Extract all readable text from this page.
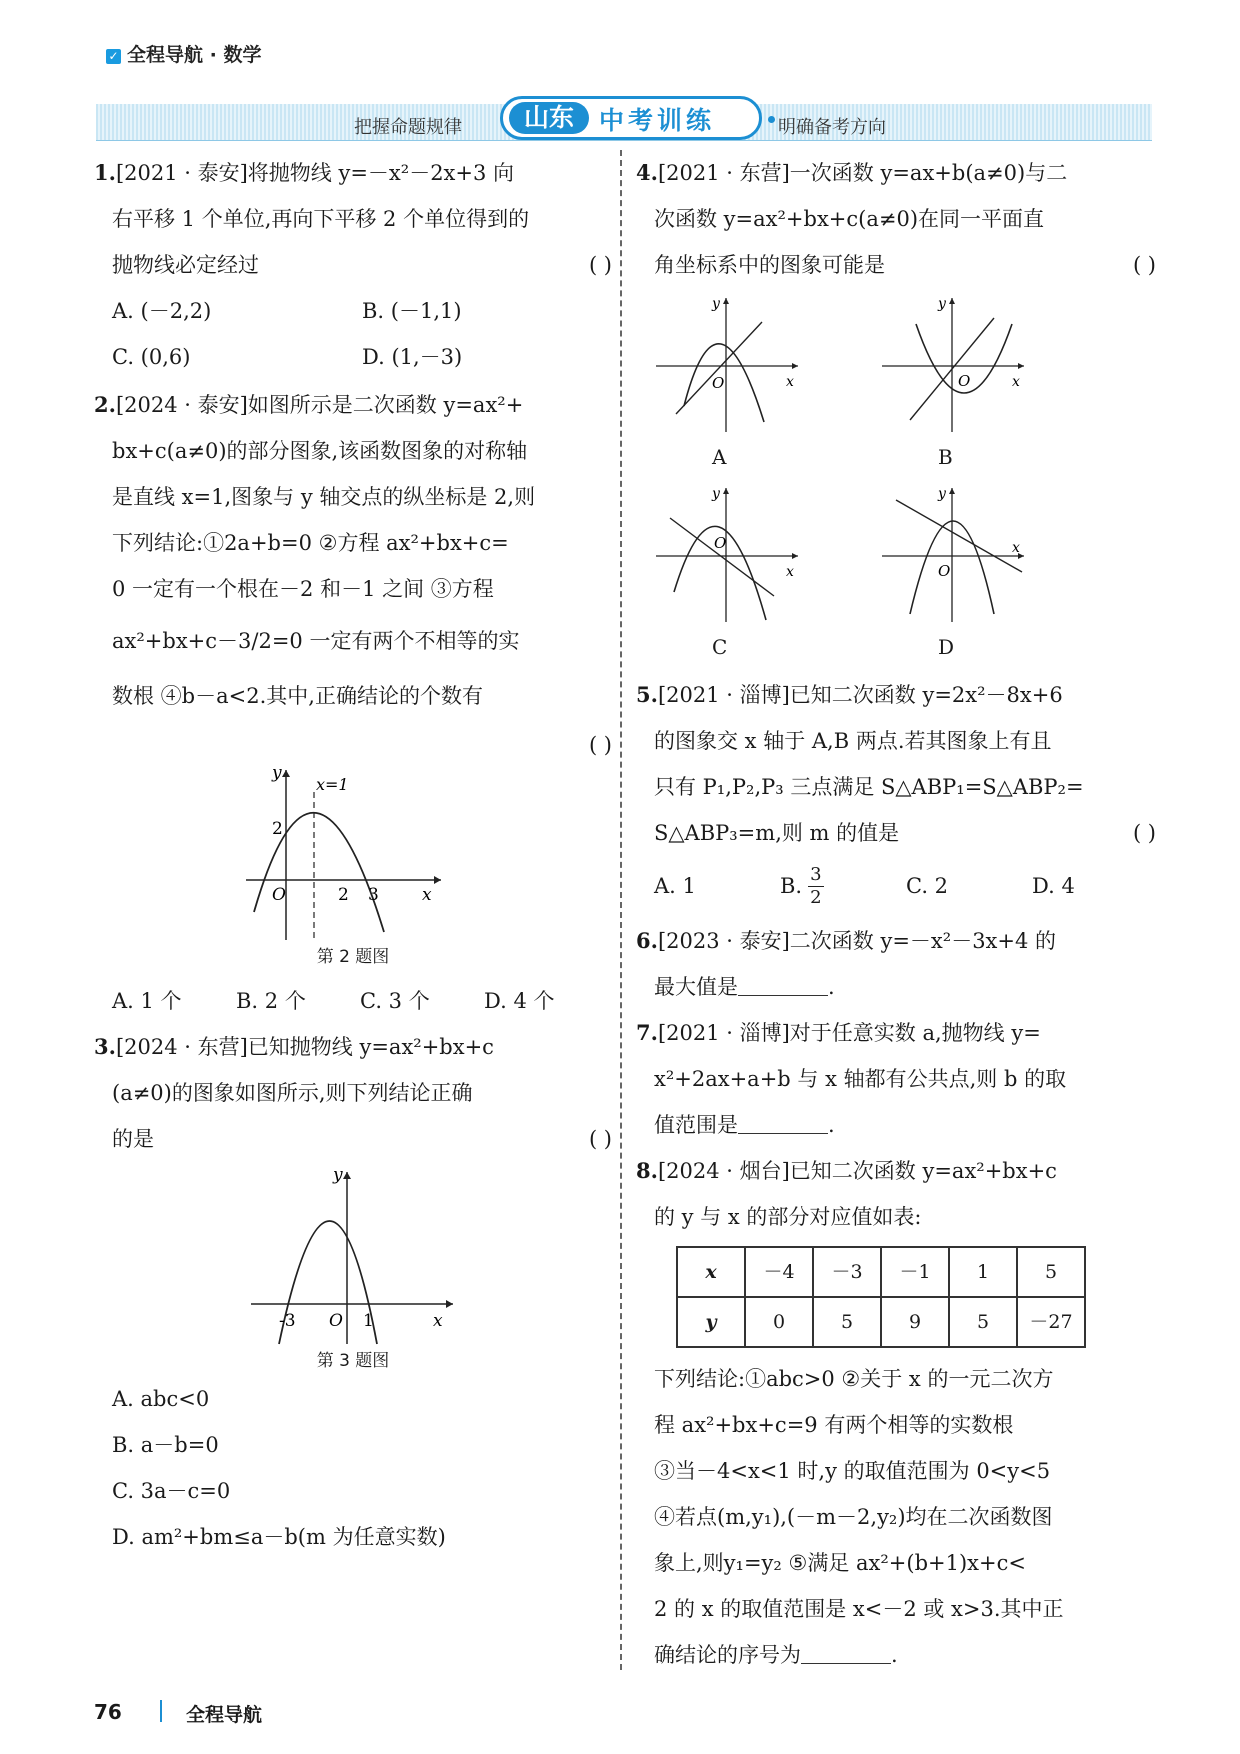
✓ 全程导航 · 数学
把握命题规律	山东	中考训练	明确备考方向
1.[2021 · 泰安]将抛物线 y=－x²－2x+3 向
右平移 1 个单位,再向下平移 2 个单位得到的
抛物线必定经过	( )
A. (－2,2)	B. (－1,1)
C. (0,6)	D. (1,－3)
2.[2024 · 泰安]如图所示是二次函数 y=ax²+
bx+c(a≠0)的部分图象,该函数图象的对称轴
是直线 x=1,图象与 y 轴交点的纵坐标是 2,则
下列结论:①2a+b=0 ②方程 ax²+bx+c=
0 一定有一个根在－2 和－1 之间 ③方程
ax²+bx+c－3/2=0 一定有两个不相等的实
数根 ④b－a<2.其中,正确结论的个数有
( )
y
x
O
x=1
2
2 3
第 2 题图
A. 1 个	B. 2 个	C. 3 个	D. 4 个
3.[2024 · 东营]已知抛物线 y=ax²+bx+c
(a≠0)的图象如图所示,则下列结论正确
的是	( )
y
x
O
-3	1
第 3 题图
A. abc<0
B. a－b=0
C. 3a－c=0
D. am²+bm≤a－b(m 为任意实数)
4.[2021 · 东营]一次函数 y=ax+b(a≠0)与二
次函数 y=ax²+bx+c(a≠0)在同一平面直
角坐标系中的图象可能是	( )
y
x
O
A
y
x
O
B
y
x
O
C
y
x
O
D
5.[2021 · 淄博]已知二次函数 y=2x²－8x+6
的图象交 x 轴于 A,B 两点.若其图象上有且
只有 P₁,P₂,P₃ 三点满足 S△ABP₁=S△ABP₂=
S△ABP₃=m,则 m 的值是	( )
A. 1	B. $\frac{3}{2}$	C. 2	D. 4
6.[2023 · 泰安]二次函数 y=－x²－3x+4 的
最大值是	.
7.[2021 · 淄博]对于任意实数 a,抛物线 y=
x²+2ax+a+b 与 x 轴都有公共点,则 b 的取
值范围是	.
8.[2024 · 烟台]已知二次函数 y=ax²+bx+c
的 y 与 x 的部分对应值如表:
x	－4	－3	－1	1	5
y	0	5	9	5	－27
下列结论:①abc>0 ②关于 x 的一元二次方
程 ax²+bx+c=9 有两个相等的实数根
③当－4<x<1 时,y 的取值范围为 0<y<5
④若点(m,y₁),(－m－2,y₂)均在二次函数图
象上,则y₁=y₂ ⑤满足 ax²+(b+1)x+c<
2 的 x 的取值范围是 x<－2 或 x>3.其中正
确结论的序号为	.
76	全程导航
